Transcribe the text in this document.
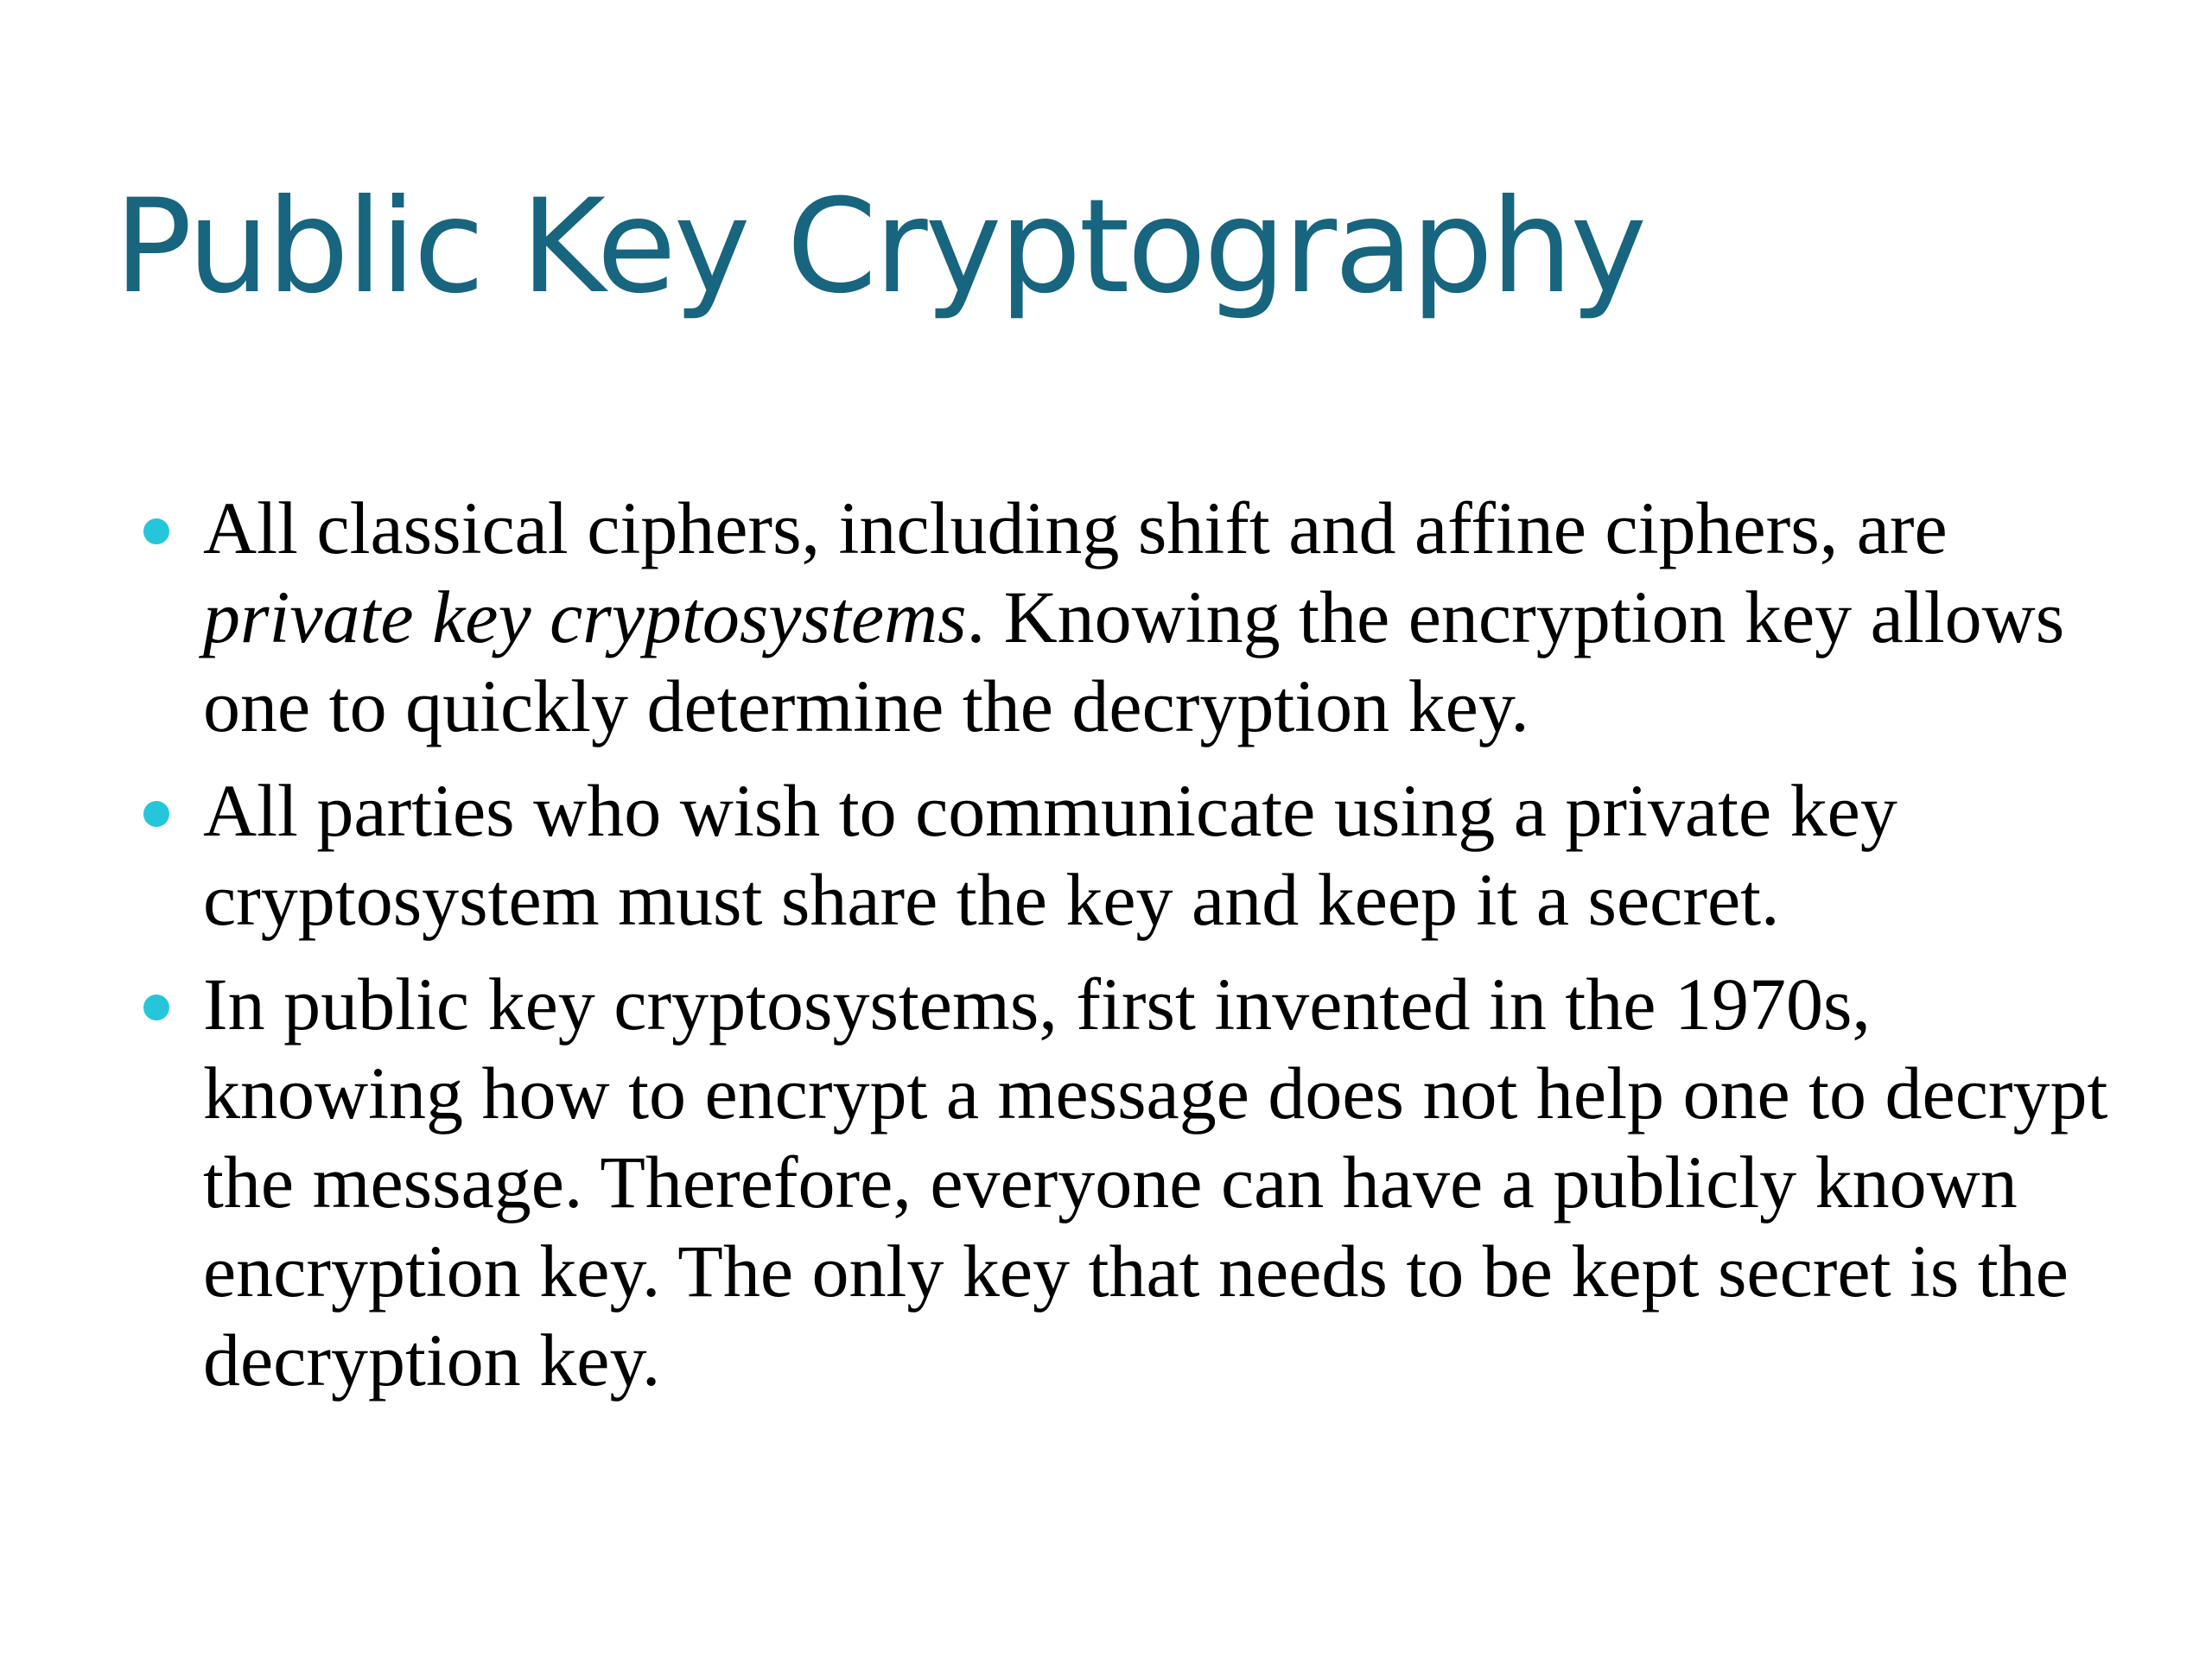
Public Key Cryptography
All classical ciphers, including shift and affine ciphers, are private key cryptosystems. Knowing the encryption key allows one to quickly determine the decryption key.
All parties who wish to communicate using a private key cryptosystem must share the key and keep it a secret.
In public key cryptosystems, first invented in the 1970s, knowing how to encrypt a message does not help one to decrypt the message. Therefore, everyone can have a publicly known encryption key. The only key that needs to be kept secret is the decryption key.
